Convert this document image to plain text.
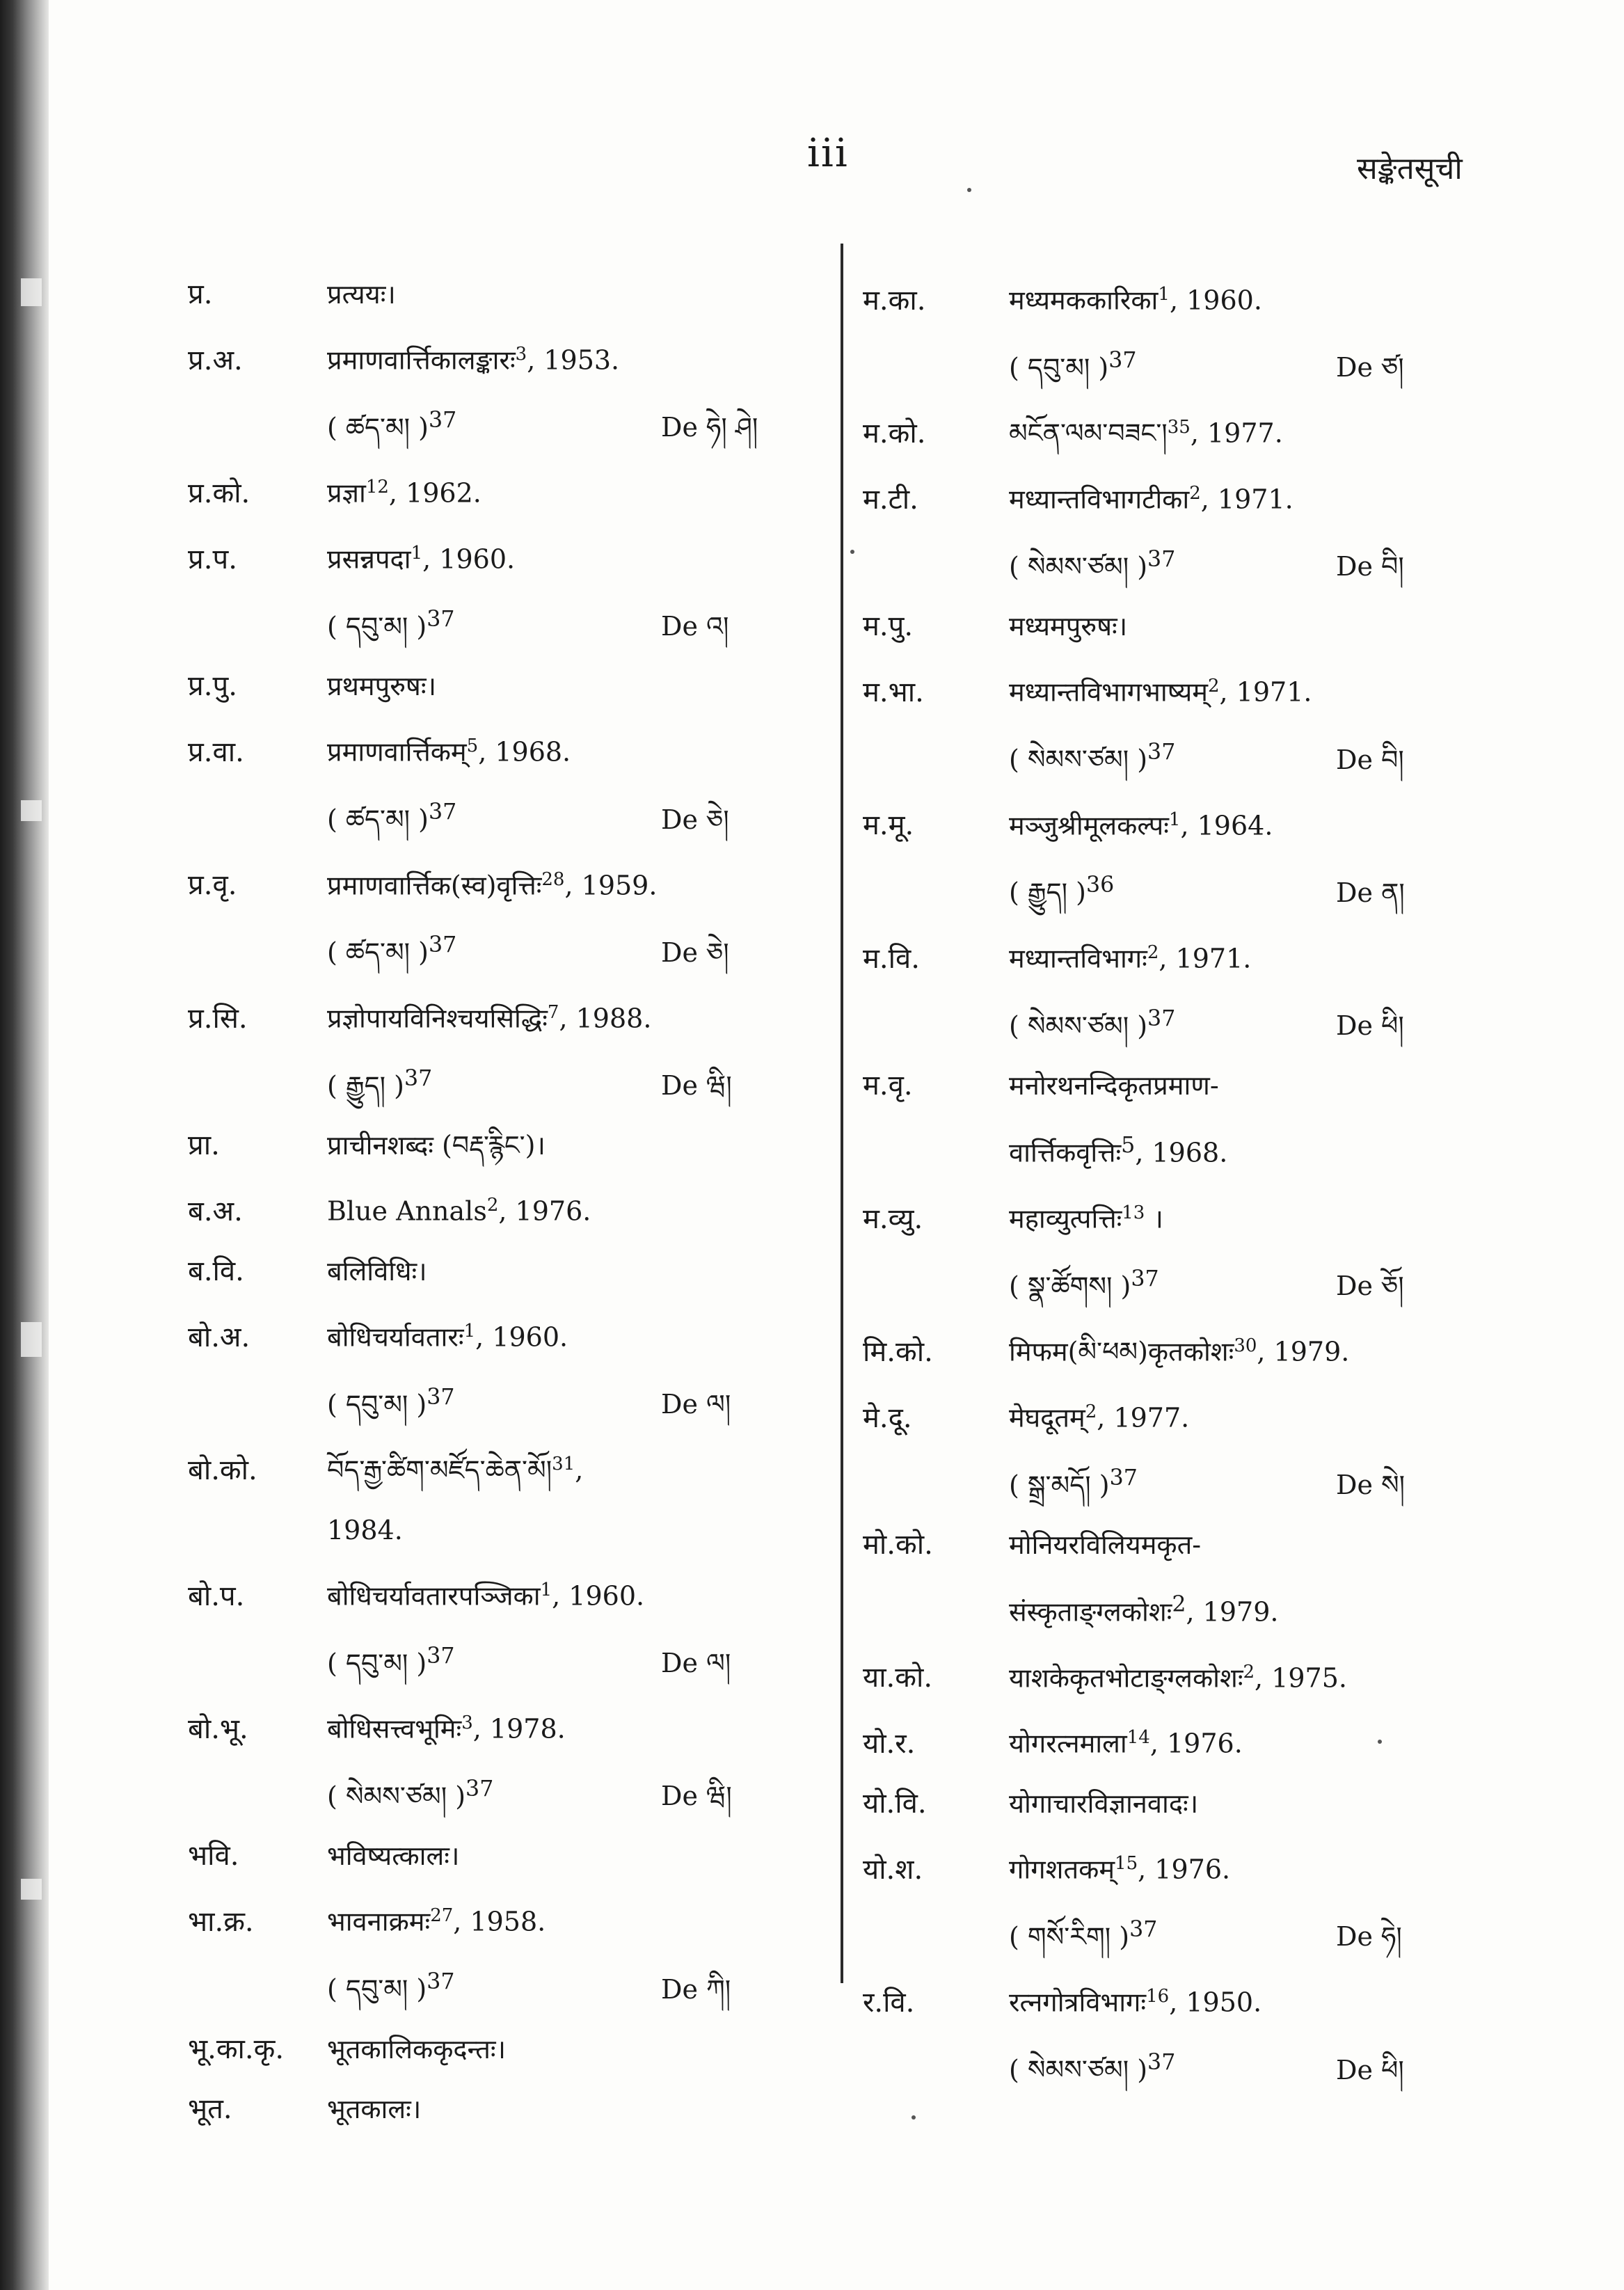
iii	सङ्केतसूची
प्र.	प्रत्ययः।
प्र.अ.	प्रमाणवार्त्तिकालङ्कारः$^3$, 1953.
( ཚད་མ། )$^{37}$	De ཧེ། ཤེ།
प्र.को.	प्रज्ञा$^{12}$, 1962.
प्र.प.	प्रसन्नपदा$^1$, 1960.
( དབུ་མ། )$^{37}$	De འ།
प्र.पु.	प्रथमपुरुषः।
प्र.वा.	प्रमाणवार्त्तिकम्$^5$, 1968.
( ཚད་མ། )$^{37}$	De ཅེ།
प्र.वृ.	प्रमाणवार्त्तिक(स्व)वृत्तिः$^{28}$, 1959.
( ཚད་མ། )$^{37}$	De ཅེ།
प्र.सि.	प्रज्ञोपायविनिश्चयसिद्धिः$^7$, 1988.
( རྒྱུད། )$^{37}$	De ཝི།
प्रा.	प्राचीनशब्दः (བརྡ་རྙིང་)।
ब.अ.	Blue Annals$^2$, 1976.
ब.वि.	बलिविधिः।
बो.अ.	बोधिचर्यावतारः$^1$, 1960.
( དབུ་མ། )$^{37}$	De ལ།
बो.को.	བོད་རྒྱ་ཚིག་མཛོད་ཆེན་མོ།$^{31}$,
1984.
बो.प.	बोधिचर्यावतारपञ्जिका$^1$, 1960.
( དབུ་མ། )$^{37}$	De ལ།
बो.भू.	बोधिसत्त्वभूमिः$^3$, 1978.
( སེམས་ཙམ། )$^{37}$	De ཝི།
भवि.	भविष्यत्कालः।
भा.क्र.	भावनाक्रमः$^{27}$, 1958.
( དབུ་མ། )$^{37}$	De ཀི།
भू.का.कृ.	भूतकालिककृदन्तः।
भूत.	भूतकालः।
म.का.	मध्यमककारिका$^1$, 1960.
( དབུ་མ། )$^{37}$	De ཙ།
म.को.	མངོན་ལམ་བཟང་།$^{35}$, 1977.
म.टी.	मध्यान्तविभागटीका$^2$, 1971.
( སེམས་ཙམ། )$^{37}$	De བི།
म.पु.	मध्यमपुरुषः।
म.भा.	मध्यान्तविभागभाष्यम्$^2$, 1971.
( སེམས་ཙམ། )$^{37}$	De བི།
म.मू.	मञ्जुश्रीमूलकल्पः$^1$, 1964.
( རྒྱུད། )$^{36}$	De ན།
म.वि.	मध्यान्तविभागः$^2$, 1971.
( སེམས་ཙམ། )$^{37}$	De ཕི།
म.वृ.	मनोरथनन्दिकृतप्रमाण-
वार्त्तिकवृत्तिः$^5$, 1968.
म.व्यु.	महाव्युत्पत्तिः$^{13}$ ।
( སྣ་ཚོགས། )$^{37}$	De ཅོ།
मि.को.	मिफम(མི་ཕམ)कृतकोशः$^{30}$, 1979.
मे.दू.	मेघदूतम्$^2$, 1977.
( སྒྲ་མདོ། )$^{37}$	De སེ།
मो.को.	मोनियरविलियमकृत-
संस्कृताङ्ग्लकोशः$^2$, 1979.
या.को.	याशकेकृतभोटाङ्ग्लकोशः$^2$, 1975.
यो.र.	योगरत्नमाला$^{14}$, 1976.
यो.वि.	योगाचारविज्ञानवादः।
यो.श.	गोगशतकम्$^{15}$, 1976.
( གསོ་རིག། )$^{37}$	De ཧེ།
र.वि.	रत्नगोत्रविभागः$^{16}$, 1950.
( སེམས་ཙམ། )$^{37}$	De ཕི།
